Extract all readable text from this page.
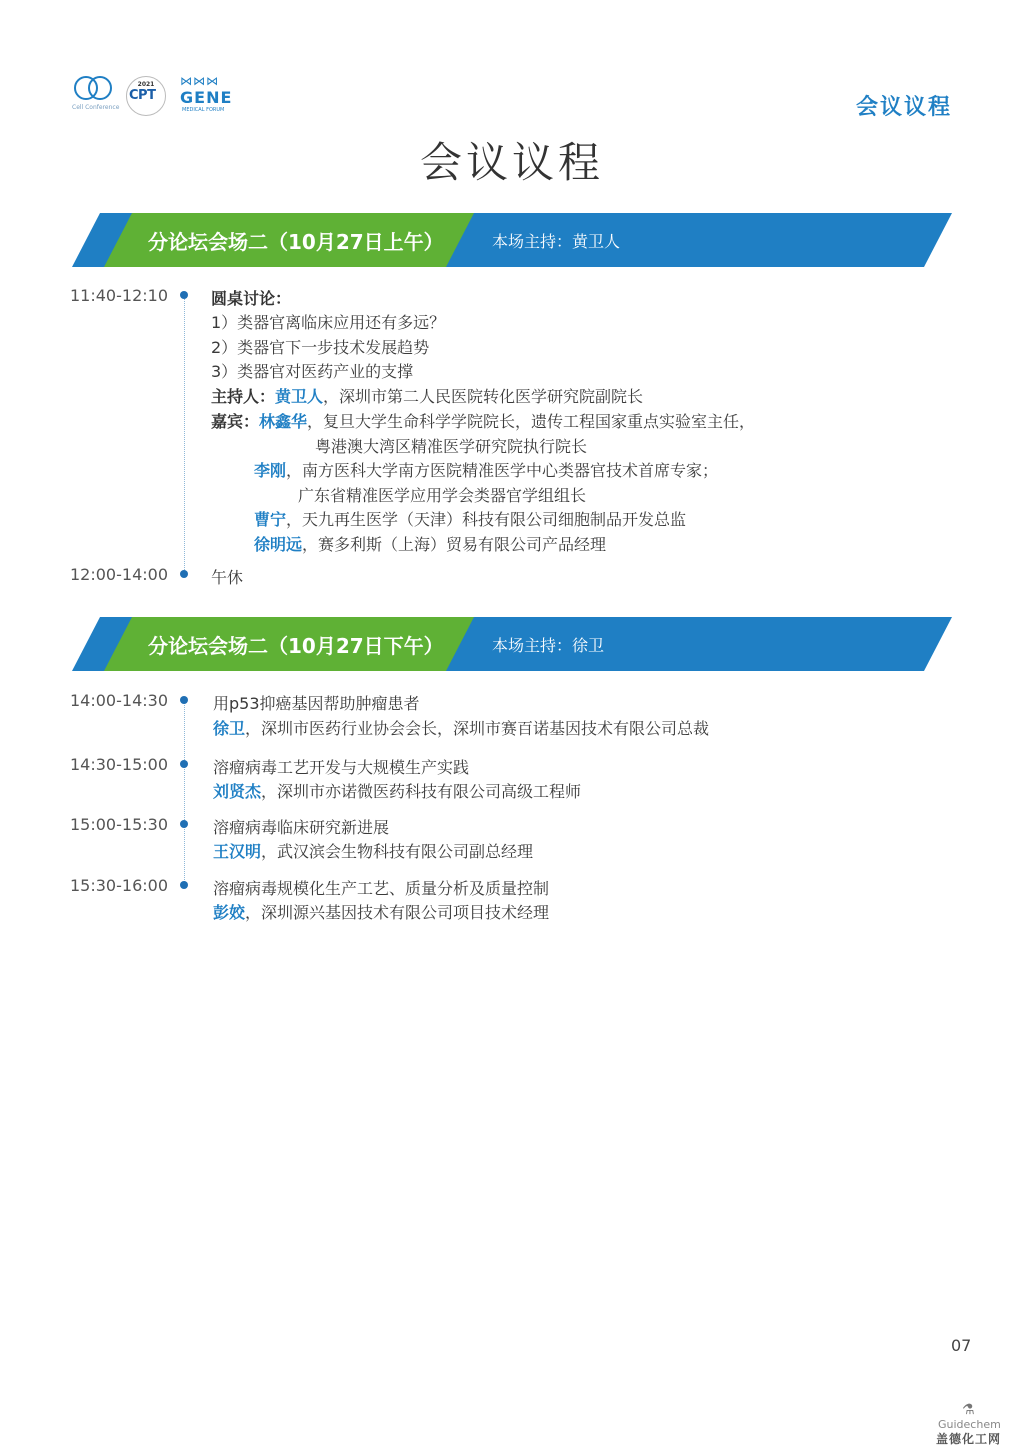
Cell Conference
2021
CPT
⋈⋈⋈
GENE
MEDICAL FORUM	会议议程
会议议程
分论坛会场二（10月27日上午）	本场主持：黄卫人
11:40-12:10	圆桌讨论：
1）类器官离临床应用还有多远？
2）类器官下一步技术发展趋势
3）类器官对医药产业的支撑
主持人：黄卫人，深圳市第二人民医院转化医学研究院副院长
嘉宾：林鑫华，复旦大学生命科学学院院长，遗传工程国家重点实验室主任，
粤港澳大湾区精准医学研究院执行院长
李刚，南方医科大学南方医院精准医学中心类器官技术首席专家；
广东省精准医学应用学会类器官学组组长
曹宁，天九再生医学（天津）科技有限公司细胞制品开发总监
徐明远，赛多利斯（上海）贸易有限公司产品经理
12:00-14:00	午休
分论坛会场二（10月27日下午）	本场主持：徐卫
14:00-14:30	用p53抑癌基因帮助肿瘤患者
徐卫，深圳市医药行业协会会长，深圳市赛百诺基因技术有限公司总裁
14:30-15:00	溶瘤病毒工艺开发与大规模生产实践
刘贤杰，深圳市亦诺微医药科技有限公司高级工程师
15:00-15:30	溶瘤病毒临床研究新进展
王汉明，武汉滨会生物科技有限公司副总经理
15:30-16:00	溶瘤病毒规模化生产工艺、质量分析及质量控制
彭姣，深圳源兴基因技术有限公司项目技术经理
07
⚗
Guidechem
盖德化工网
